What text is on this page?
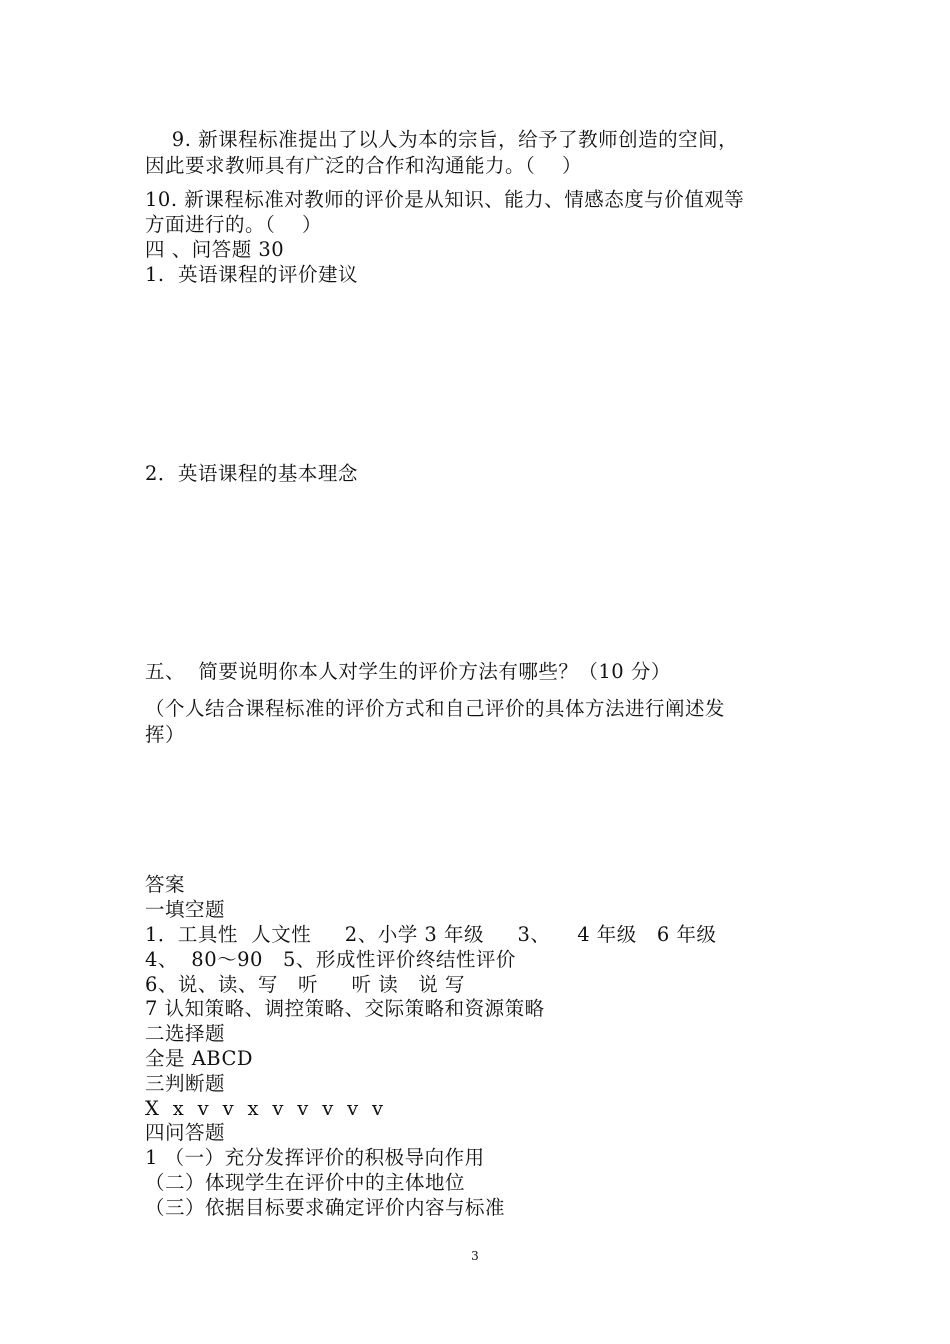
9. 新课程标准提出了以人为本的宗旨，给予了教师创造的空间，
因此要求教师具有广泛的合作和沟通能力。（    ）
10. 新课程标准对教师的评价是从知识、能力、情感态度与价值观等
方面进行的。（    ）
四 、问答题 30
1.  英语课程的评价建议
2．英语课程的基本理念
五、  简要说明你本人对学生的评价方法有哪些？（10 分）
（个人结合课程标准的评价方式和自己评价的具体方法进行阐述发
挥）
答案
一填空题
1．工具性  人文性     2、小学 3 年级     3、    4 年级   6 年级
4、  80～90   5、形成性评价终结性评价
6、说、读、写   听     听 读   说 写
7 认知策略、调控策略、交际策略和资源策略
二选择题
全是 ABCD
三判断题
X  x  v  v  x  v  v  v  v  v
四问答题
1 （一）充分发挥评价的积极导向作用
（二）体现学生在评价中的主体地位
（三）依据目标要求确定评价内容与标准
3
